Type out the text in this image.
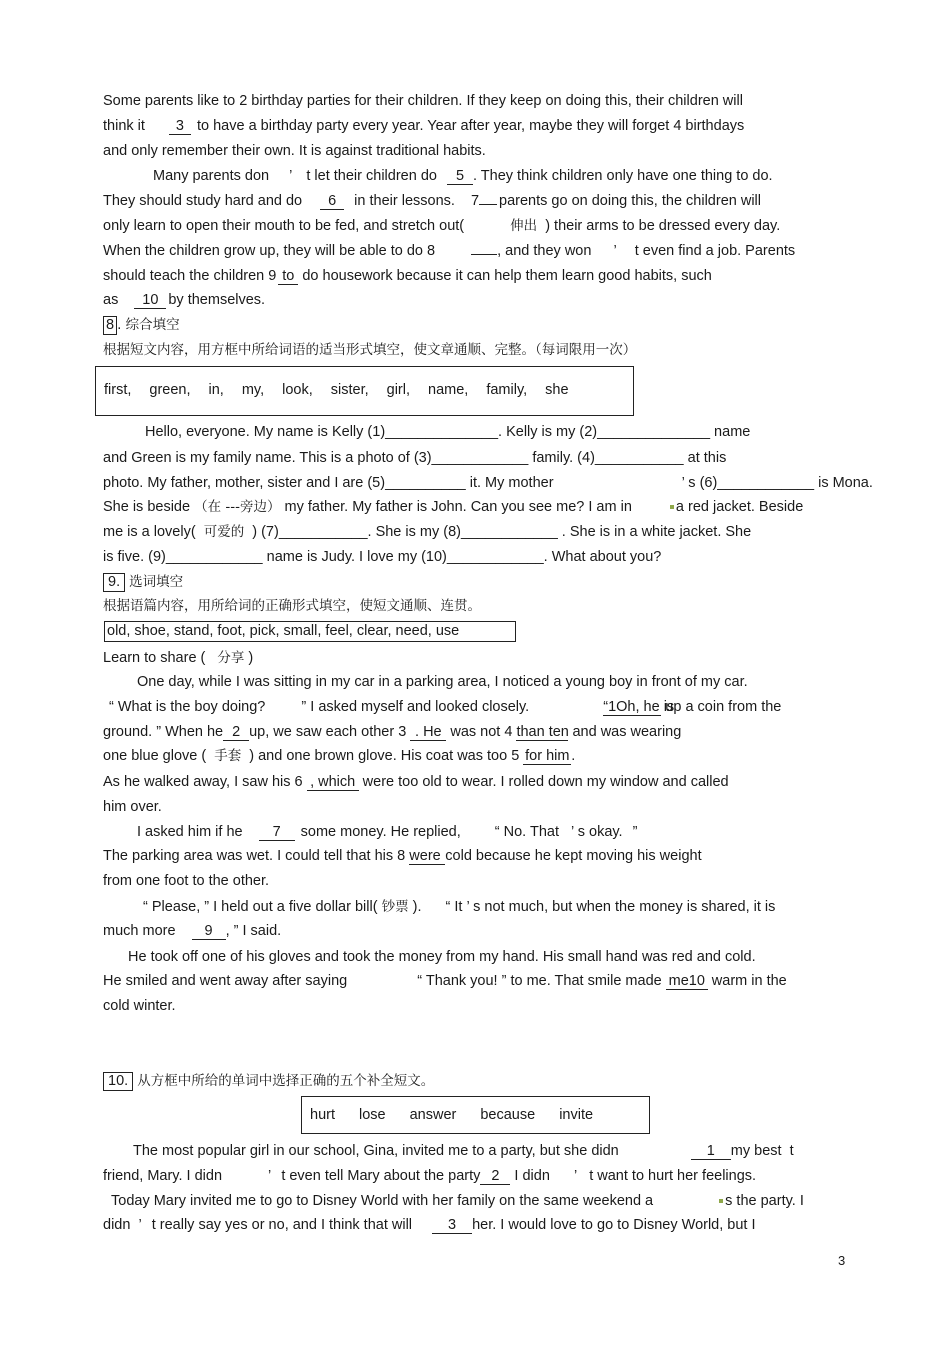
Some parents like to 2 birthday parties for their children. If they keep on doing this, their children will
think it 3 to have a birthday party every year. Year after year, maybe they will forget 4 birthdays
and only remember their own. It is against traditional habits.
Many parents don ’ t let their children do 5 . They think children only have one thing to do.
They should study hard and do 6 in their lessons. 7 parents go on doing this, the children will
only learn to open their mouth to be fed, and stretch out(	伸出 ) their arms to be dressed every day.
When the children grow up, they will be able to do 8	, and they won ’ t even find a job. Parents
should teach the children 9 to do housework because it can help them learn good habits, such
as 10 by themselves.
8 . 综合填空
根据短文内容，用方框中所给词语的适当形式填空，使文章通顺、完整。（每词限用一次）
first, green, in, my, look, sister, girl, name, family, she
Hello, everyone. My name is Kelly (1)______________. Kelly is my (2)______________ name
and Green is my family name. This is a photo of (3)____________ family. (4)___________ at this
photo. My father, mother, sister and I are (5)__________ it. My mother	’ s (6)____________ is Mona.
She is beside （在 ---旁边） my father. My father is John. Can you see me? I am in	a red jacket. Beside
me is a lovely( 可爱的 ) (7)___________. She is my (8)____________ . She is in a white jacket. She
is five. (9)____________ name is Judy. I love my (10)____________. What about you?
9. 选词填空
根据语篇内容，用所给词的正确形式填空，使短文通顺、连贯。
old, shoe, stand, foot, pick, small, feel, clear, need, use
Learn to share ( 分享 )
One day, while I was sitting in my car in a parking area, I noticed a young boy in front of my car.
“ What is the boy doing? ” I asked myself and looked closely.	“1Oh, he is up a coin from the
ground. ” When he 2 up, we saw each other 3 . He was not 4 than ten and was wearing
one blue glove ( 手套 ) and one brown glove. His coat was too 5 for him .
As he walked away, I saw his 6 , which were too old to wear. I rolled down my window and called
him over.
I asked him if he 7 some money. He replied, “ No. That ’ s okay. ”
The parking area was wet. I could tell that his 8 were cold because he kept moving his weight
from one foot to the other.
“ Please, ” I held out a five dollar bill( 钞票 ). “ It ’ s not much, but when the money is shared, it is
much more 9 , ” I said.
He took off one of his gloves and took the money from my hand. His small hand was red and cold.
He smiled and went away after saying	“ Thank you! ” to me. That smile made me10 warm in the
cold winter.
10. 从方框中所给的单词中选择正确的五个补全短文。
hurt lose answer because invite
The most popular girl in our school, Gina, invited me to a party, but she didn	1 my best t
friend, Mary. I didn	’ t even tell Mary about the party 2 I didn ’ t want to hurt her feelings.
Today Mary invited me to go to Disney World with her family on the same weekend a	s the party. I
didn ’ t really say yes or no, and I think that will 3 her. I would love to go to Disney World, but I
3
